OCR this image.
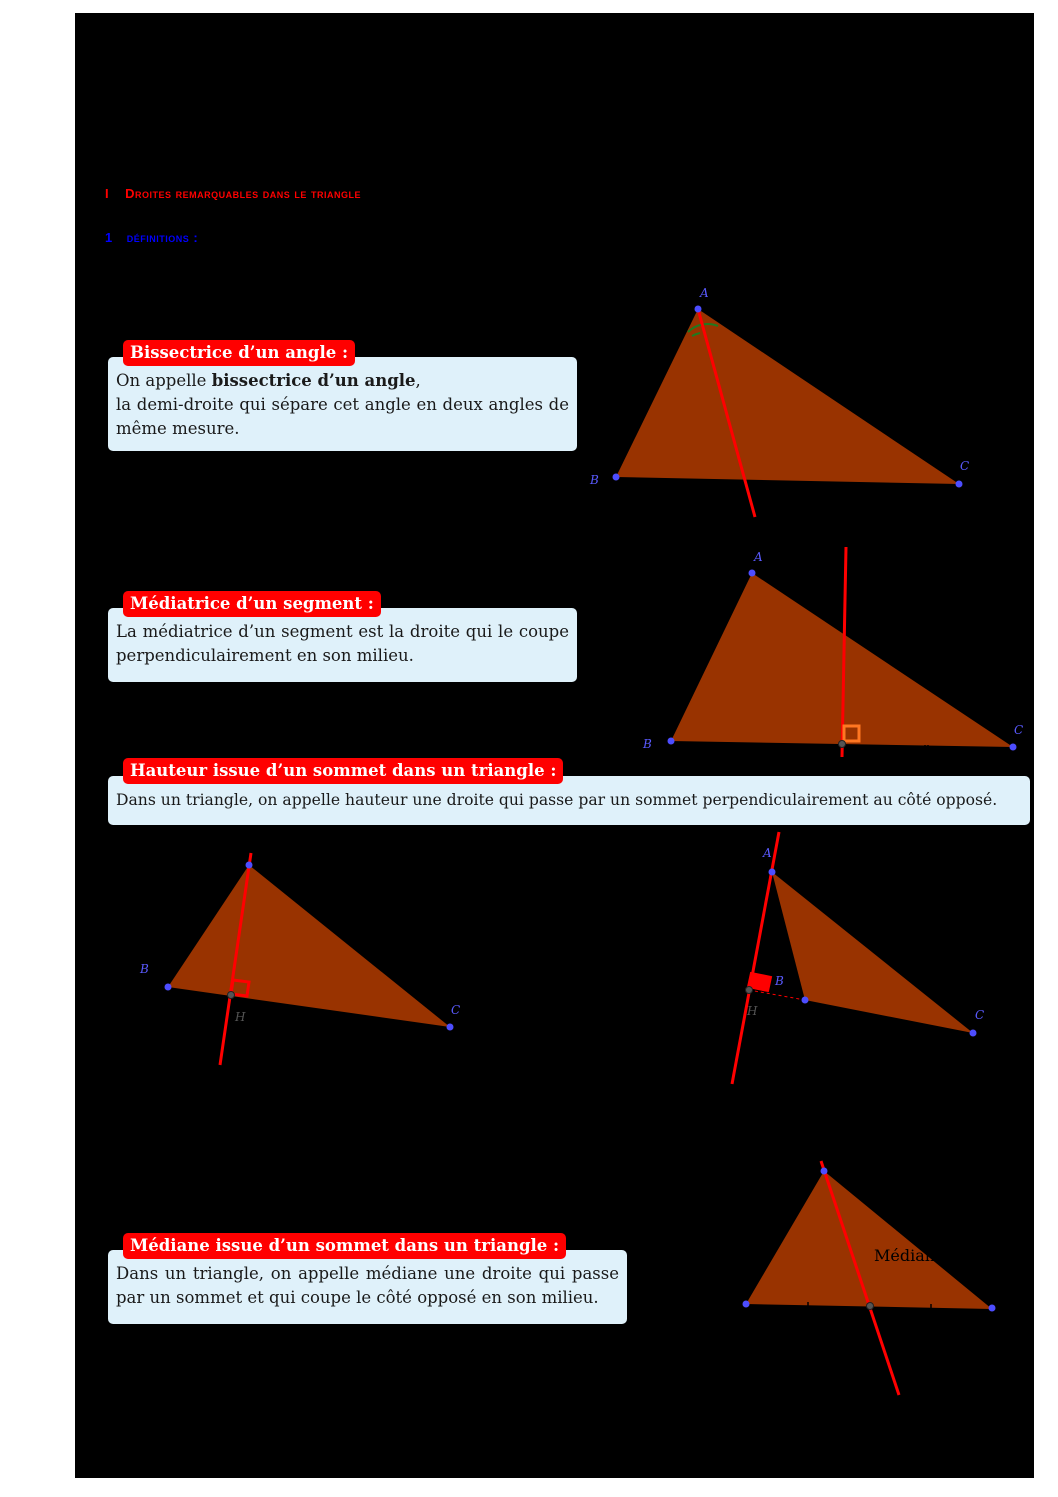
I Droites remarquables dans le triangle
1 définitions :

On appelle bissectrice d’un angle,
la demi-droite qui sépare cet angle en deux angles de même mesure.

Bissectrice d’un angle :

La médiatrice d’un segment est la droite qui le coupe perpendiculairement en son milieu.

Médiatrice d’un segment :

Dans un triangle, on appelle hauteur une droite qui passe par un sommet perpendiculairement au côté opposé.

Hauteur issue d’un sommet dans un triangle :

Dans un triangle, on appelle médiane une droite qui passe par un sommet et qui coupe le côté opposé en son milieu.

Médiane issue d’un sommet dans un triangle :
A
B
C
A
B
C
B
C
H
A
B
C
H
Médiane
